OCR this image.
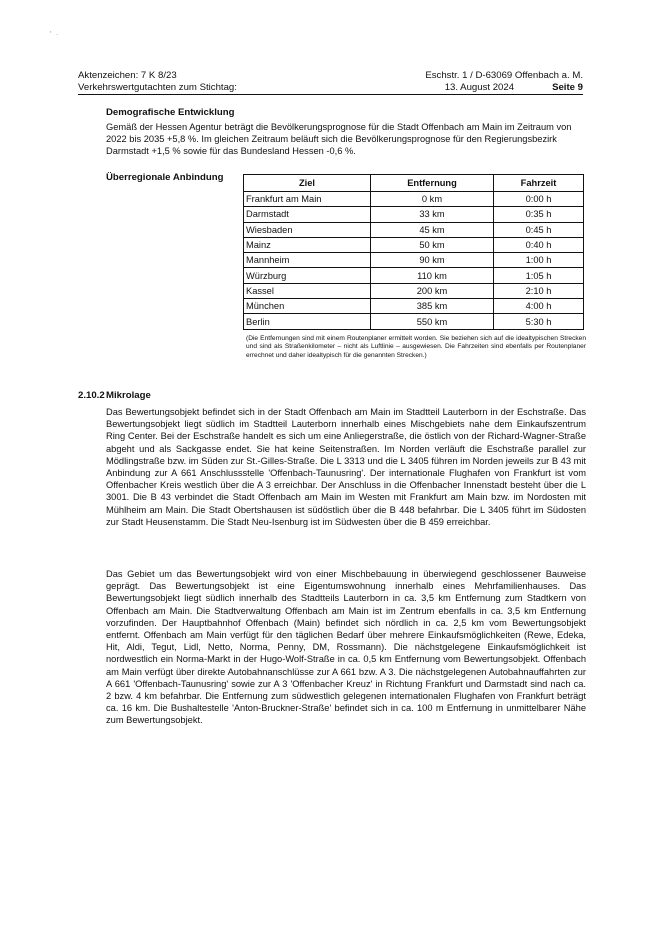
' ·
Aktenzeichen: 7 K 8/23
Verkehrswertgutachten zum Stichtag:
Eschstr. 1 / D-63069 Offenbach a. M.
13. August 2024	Seite 9
Demografische Entwicklung
Gemäß der Hessen Agentur beträgt die Bevölkerungsprognose für die Stadt Offenbach am Main im Zeitraum von 2022 bis 2035 +5,8 %. Im gleichen Zeitraum beläuft sich die Bevölkerungsprognose für den Regierungsbezirk Darmstadt +1,5 % sowie für das Bundesland Hessen -0,6 %.
Überregionale Anbindung	Ziel	Entfernung	Fahrzeit
Frankfurt am Main	0 km	0:00 h
Darmstadt	33 km	0:35 h
Wiesbaden	45 km	0:45 h
Mainz	50 km	0:40 h
Mannheim	90 km	1:00 h
Würzburg	110 km	1:05 h
Kassel	200 km	2:10 h
München	385 km	4:00 h
Berlin	550 km	5:30 h
(Die Entfernungen sind mit einem Routenplaner ermittelt worden. Sie beziehen sich auf die idealtypischen Strecken und sind als Straßenkilometer – nicht als Luftlinie – ausgewiesen. Die Fahrzeiten sind ebenfalls per Routenplaner errechnet und daher idealtypisch für die genannten Strecken.)
2.10.2Mikrolage
Das Bewertungsobjekt befindet sich in der Stadt Offenbach am Main im Stadtteil Lauterborn in der Eschstraße. Das Bewertungsobjekt liegt südlich im Stadtteil Lauterborn innerhalb eines Mischgebiets nahe dem Einkaufszentrum Ring Center. Bei der Eschstraße handelt es sich um eine Anliegerstraße, die östlich von der Richard-Wagner-Straße abgeht und als Sackgasse endet. Sie hat keine Seitenstraßen. Im Norden verläuft die Eschstraße parallel zur Mödlingstraße bzw. im Süden zur St.-Gilles-Straße. Die L 3313 und die L 3405 führen im Norden jeweils zur B 43 mit Anbindung zur A 661 Anschlussstelle 'Offenbach-Taunusring'. Der internationale Flughafen von Frankfurt ist vom Offenbacher Kreis westlich über die A 3 erreichbar. Der Anschluss in die Offenbacher Innenstadt besteht über die L 3001. Die B 43 verbindet die Stadt Offenbach am Main im Westen mit Frankfurt am Main bzw. im Nordosten mit Mühlheim am Main. Die Stadt Obertshausen ist südöstlich über die B 448 befahrbar. Die L 3405 führt im Südosten zur Stadt Heusenstamm. Die Stadt Neu-Isenburg ist im Südwesten über die B 459 erreichbar.
Das Gebiet um das Bewertungsobjekt wird von einer Mischbebauung in überwiegend geschlossener Bauweise geprägt. Das Bewertungsobjekt ist eine Eigentumswohnung innerhalb eines Mehrfamilienhauses. Das Bewertungsobjekt liegt südlich innerhalb des Stadtteils Lauterborn in ca. 3,5 km Entfernung zum Stadtkern von Offenbach am Main. Die Stadtverwaltung Offenbach am Main ist im Zentrum ebenfalls in ca. 3,5 km Entfernung vorzufinden. Der Hauptbahnhof Offenbach (Main) befindet sich nördlich in ca. 2,5 km vom Bewertungsobjekt entfernt. Offenbach am Main verfügt für den täglichen Bedarf über mehrere Einkaufsmöglichkeiten (Rewe, Edeka, Hit, Aldi, Tegut, Lidl, Netto, Norma, Penny, DM, Rossmann). Die nächstgelegene Einkaufsmöglichkeit ist nordwestlich ein Norma-Markt in der Hugo-Wolf-Straße in ca. 0,5 km Entfernung vom Bewertungsobjekt. Offenbach am Main verfügt über direkte Autobahnanschlüsse zur A 661 bzw. A 3. Die nächstgelegenen Autobahnauffahrten zur A 661 'Offenbach-Taunusring' sowie zur A 3 'Offenbacher Kreuz' in Richtung Frankfurt und Darmstadt sind nach ca. 2 bzw. 4 km befahrbar. Die Entfernung zum südwestlich gelegenen internationalen Flughafen von Frankfurt beträgt ca. 16 km. Die Bushaltestelle 'Anton-Bruckner-Straße' befindet sich in ca. 100 m Entfernung in unmittelbarer Nähe zum Bewertungsobjekt.
